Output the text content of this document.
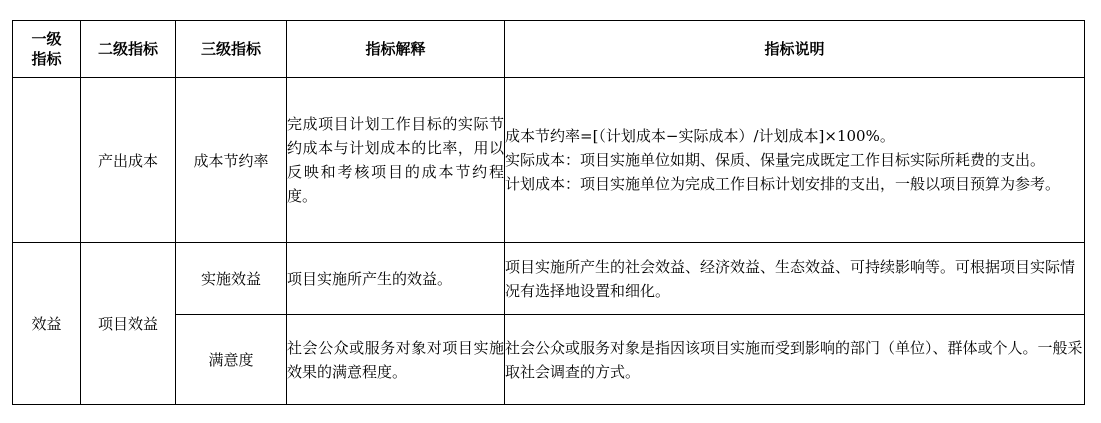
一级
指标	二级指标	三级指标	指标解释	指标说明
	产出成本	成本节约率	完成项目计划工作目标的实际节约成本与计划成本的比率，用以反映和考核项目的成本节约程度。	成本节约率=[（计划成本−实际成本）/计划成本]×100%。
实际成本：项目实施单位如期、保质、保量完成既定工作目标实际所耗费的支出。
计划成本：项目实施单位为完成工作目标计划安排的支出，一般以项目预算为参考。

效益	项目效益	实施效益	项目实施所产生的效益。	项目实施所产生的社会效益、经济效益、生态效益、可持续影响等。可根据项目实际情况有选择地设置和细化。
		满意度	社会公众或服务对象对项目实施效果的满意程度。	社会公众或服务对象是指因该项目实施而受到影响的部门（单位）、群体或个人。一般采取社会调查的方式。
